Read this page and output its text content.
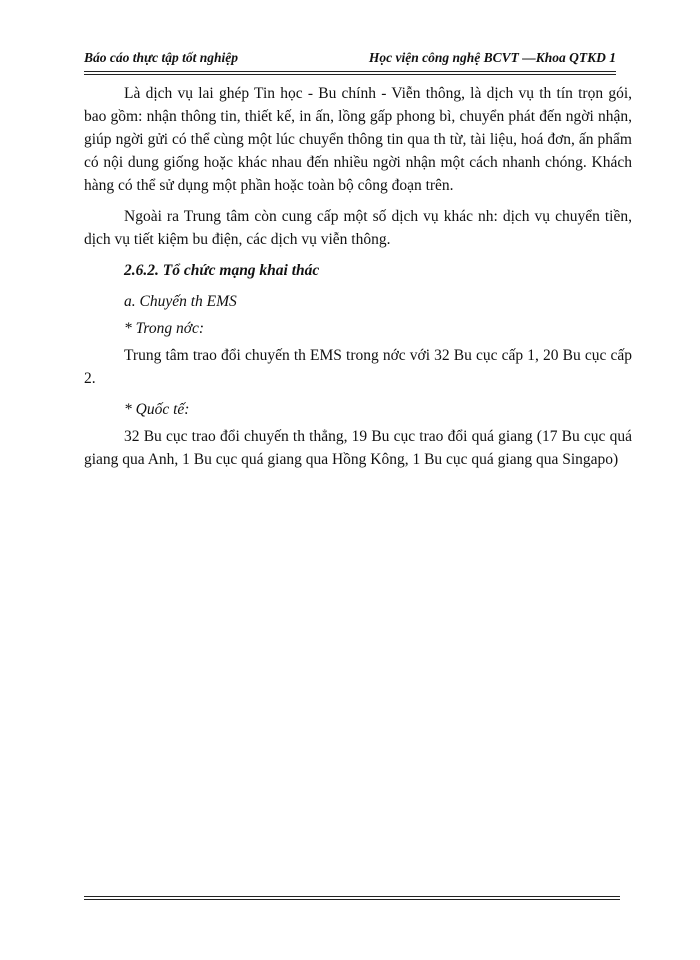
Báo cáo thực tập tốt nghiệp	Học viện công nghệ BCVT —Khoa QTKD 1

Là dịch vụ lai ghép Tin học - Bu chính - Viễn thông, là dịch vụ th tín trọn gói, bao gồm: nhận thông tin, thiết kế, in ấn, lồng gấp phong bì, chuyển phát đến ngời nhận, giúp ngời gửi có thể cùng một lúc chuyển thông tin qua th từ, tài liệu, hoá đơn, ấn phẩm có nội dung giống hoặc khác nhau đến nhiều ngời nhận một cách nhanh chóng. Khách hàng có thể sử dụng một phần hoặc toàn bộ công đoạn trên.

Ngoài ra Trung tâm còn cung cấp một số dịch vụ khác nh: dịch vụ chuyển tiền, dịch vụ tiết kiệm bu điện, các dịch vụ viễn thông.

2.6.2. Tổ chức mạng khai thác

a. Chuyến th EMS

* Trong nớc:

Trung tâm trao đổi chuyến th EMS trong nớc với 32 Bu cục cấp 1, 20 Bu cục cấp 2.

* Quốc tế:

32 Bu cục trao đổi chuyến th thẳng, 19 Bu cục trao đổi quá giang (17 Bu cục quá giang qua Anh, 1 Bu cục quá giang qua Hồng Kông, 1 Bu cục quá giang qua Singapo)
